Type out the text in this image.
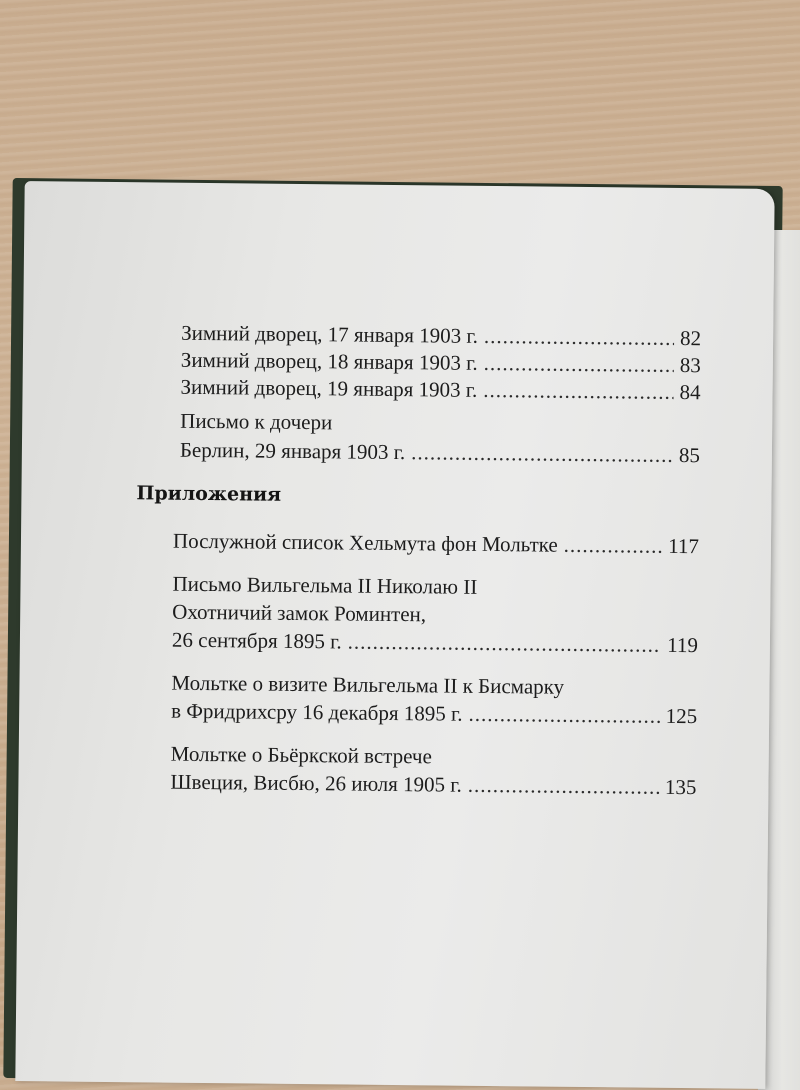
Зимний дворец, 17 января 1903 г. .....	82
Зимний дворец, 18 января 1903 г. .....	83
Зимний дворец, 19 января 1903 г. .....	84
Письмо к дочери
Берлин, 29 января 1903 г. .....	85
Приложения
Послужной список Хельмута фон Мольтке .....	117
Письмо Вильгельма II Николаю II
Охотничий замок Роминтен,
26 сентября 1895 г. .....	119
Мольтке о визите Вильгельма II к Бисмарку
в Фридрихсру 16 декабря 1895 г. .....	125
Мольтке о Бьёркской встрече
Швеция, Висбю, 26 июля 1905 г. .....	135
